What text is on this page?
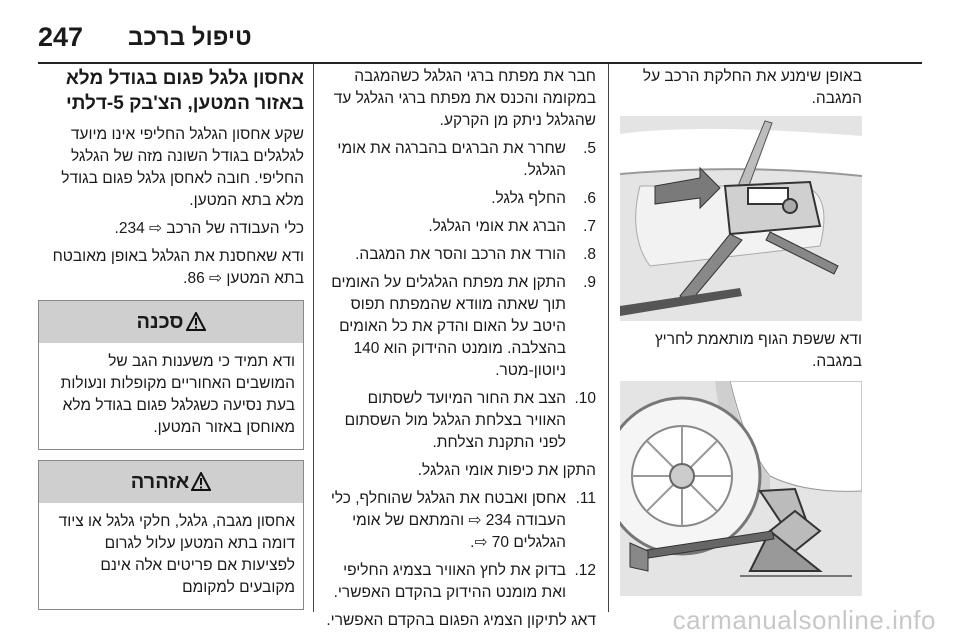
247 טיפול ברכב
אחסון גלגל פגום בגודל מלא באזור המטען, הצ'בק 5-דלתי
שקע אחסון הגלגל החליפי אינו מיועד לגלגלים בגודל השונה מזה של הגלגל החליפי. חובה לאחסן גלגל פגום בגודל מלא בתא המטען.
כלי העבודה של הרכב ⇨ 234.
ודא שאחסנת את הגלגל באופן מאובטח בתא המטען ⇨ 86.
סכנה
ודא תמיד כי משענות הגב של המושבים האחוריים מקופלות ונעולות בעת נסיעה כשגלגל פגום בגודל מלא מאוחסן באזור המטען.
אזהרה
אחסון מגבה, גלגל, חלקי גלגל או ציוד דומה בתא המטען עלול לגרום לפציעות אם פריטים אלה אינם מקובעים למקומם
חבר את מפתח ברגי הגלגל כשהמגבה במקומה והכנס את מפתח ברגי הגלגל עד שהגלגל ניתק מן הקרקע.
5.
שחרר את הברגים בהברגה את אומי הגלגל.
6.
החלף גלגל.
7.
הברג את אומי הגלגל.
8.
הורד את הרכב והסר את המגבה.
9.
התקן את מפתח הגלגלים על האומים תוך שאתה מוודא שהמפתח תפוס היטב על האום והדק את כל האומים בהצלבה. מומנט ההידוק הוא 140 ניוטון-מטר.
10.
הצב את החור המיועד לשסתום האוויר בצלחת הגלגל מול השסתום לפני התקנת הצלחת.
התקן את כיפות אומי הגלגל.
11.
אחסן ואבטח את הגלגל שהוחלף, כלי העבודה 234 ⇨ והמתאם של אומי הגלגלים 70 ⇨.
12.
בדוק את לחץ האוויר בצמיג החליפי ואת מומנט ההידוק בהקדם האפשרי.
דאג לתיקון הצמיג הפגום בהקדם האפשרי.
באופן שימנע את החלקת הרכב על המגבה.
ודא ששפת הגוף מותאמת לחריץ במגבה.
carmanualsonline.info
